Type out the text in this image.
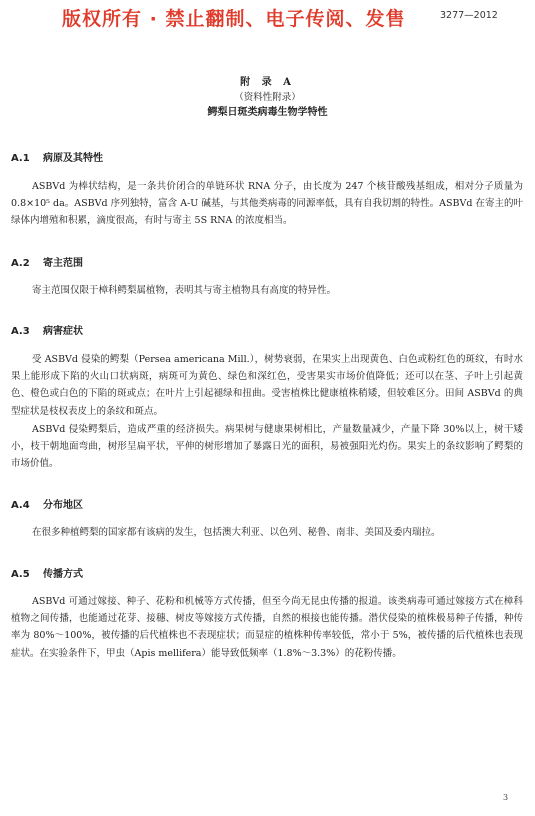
版权所有 · 禁止翻制、电子传阅、发售	3277—2012
附 录 A
（资料性附录）
鳄梨日斑类病毒生物学特性
A.1 病原及其特性
ASBVd 为棒状结构，是一条共价闭合的单链环状 RNA 分子，由长度为 247 个核苷酸残基组成，相对分子质量为 0.8×10⁵ da。ASBVd 序列独特，富含 A-U 碱基，与其他类病毒的同源率低，具有自我切割的特性。ASBVd 在寄主的叶绿体内增殖和积累，滴度很高，有时与寄主 5S RNA 的浓度相当。
A.2 寄主范围
寄主范围仅限于樟科鳄梨属植物，表明其与寄主植物具有高度的特异性。
A.3 病害症状
受 ASBVd 侵染的鳄梨（Persea americana Mill.），树势衰弱，在果实上出现黄色、白色或粉红色的斑纹，有时水果上能形成下陷的火山口状病斑，病斑可为黄色、绿色和深红色，受害果实市场价值降低；还可以在茎、子叶上引起黄色、橙色或白色的下陷的斑或点；在叶片上引起褪绿和扭曲。受害植株比健康植株稍矮，但较难区分。田间 ASBVd 的典型症状是枝权表皮上的条纹和斑点。
ASBVd 侵染鳄梨后，造成严重的经济损失。病果树与健康果树相比，产量数量减少，产量下降 30%以上，树干矮小，枝干朝地面弯曲，树形呈扁平状，平伸的树形增加了暴露日光的面积，易被强阳光灼伤。果实上的条纹影响了鳄梨的市场价值。
A.4 分布地区
在很多种植鳄梨的国家都有该病的发生，包括澳大利亚、以色列、秘鲁、南非、美国及委内瑞拉。
A.5 传播方式
ASBVd 可通过嫁接、种子、花粉和机械等方式传播，但至今尚无昆虫传播的报道。该类病毒可通过嫁接方式在樟科植物之间传播，也能通过花芽、接穗、树皮等嫁接方式传播，自然的根接也能传播。潜伏侵染的植株极易种子传播，种传率为 80%～100%，被传播的后代植株也不表现症状；而显症的植株种传率较低，常小于 5%，被传播的后代植株也表现症状。在实验条件下，甲虫（Apis mellifera）能导致低频率（1.8%～3.3%）的花粉传播。
3
